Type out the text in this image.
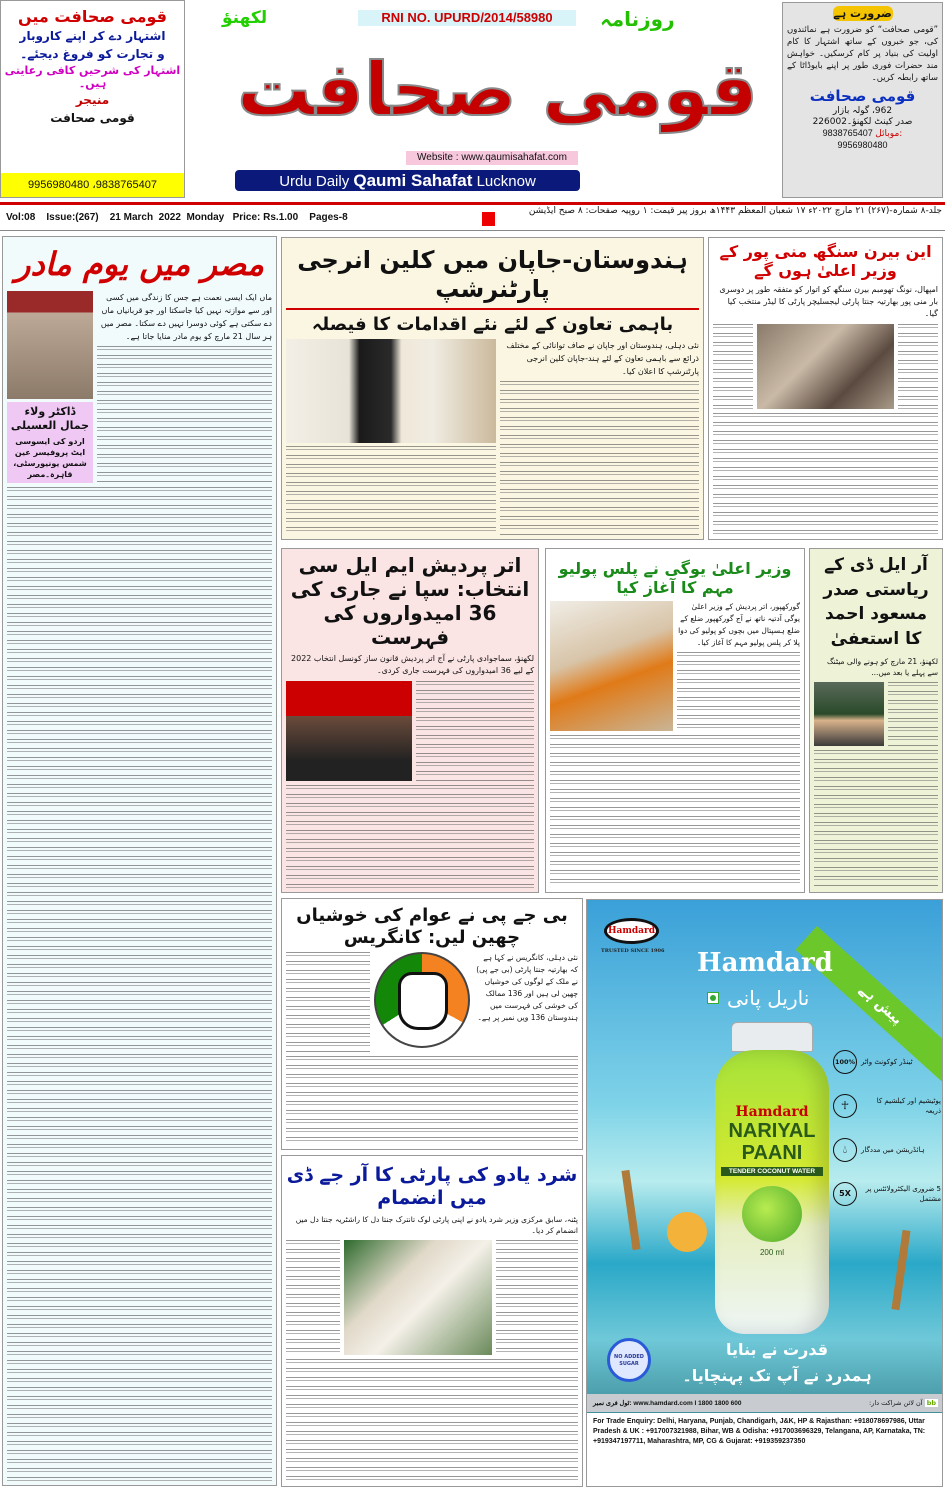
قومی صحافت میں
اشتہار دے کر اپنے کاروبار
و تجارت کو فروغ دیجئے۔
اشتہار کی شرحیں کافی رعایتی ہیں۔
منیجر
قومی صحافت
9956980480 ،9838765407
RNI NO. UPURD/2014/58980	روزنامہ
لکھنؤ
قومی صحافت
Website : www.qaumisahafat.com
Urdu Daily Qaumi Sahafat Lucknow
ضرورت ہے
”قومی صحافت“ کو ضرورت ہے نمائندوں کی، جو خبروں کے ساتھ اشتہار کا کام اولیت کی بنیاد پر کام کرسکیں۔ خواہش مند حضرات فوری طور پر اپنے بایوڈاٹا کے ساتھ رابطہ کریں۔
قومی صحافت
962، گولہ بازار
صدر کینٹ لکھنؤ۔226002
9838765407 موبائل:
9956980480
Vol:08    Issue:(267)    21 March  2022  Monday   Price: Rs.1.00    Pages-8
جلد-۸ شمارہ-(۲۶۷) ۲۱ مارچ ۲۰۲۲ء ۱۷ شعبان المعظم ۱۴۴۳ھ بروز پیر قیمت: ۱ روپیہ صفحات: ۸ صبح ایڈیشن
مصر میں یوم مادر
ماں ایک ایسی نعمت ہے جس کا زندگی میں کسی اور سے موازنہ نہیں کیا جاسکتا اور جو قربانیاں ماں دے سکتی ہے کوئی دوسرا نہیں دے سکتا۔ مصر میں ہر سال 21 مارچ کو یوم مادر منایا جاتا ہے۔
ڈاکٹر ولاء جمال العسیلی
اردو کی ایسوسی ایٹ پروفیسر عین شمس یونیورسٹی، قاہرہ۔مصر
ہندوستان-جاپان میں کلین انرجی پارٹنرشپ
باہمی تعاون کے لئے نئے اقدامات کا فیصلہ
نئی دہلی، ہندوستان اور جاپان نے صاف توانائی کے مختلف ذرائع سے باہمی تعاون کے لئے ہند-جاپان کلین انرجی پارٹنرشپ کا اعلان کیا۔
این بیرن سنگھ منی پور کے وزیر اعلیٰ ہوں گے
امپھال، نونگ تھومبم بیرن سنگھ کو اتوار کو متفقہ طور پر دوسری بار منی پور بھارتیہ جنتا پارٹی لیجسلیچر پارٹی کا لیڈر منتخب کیا گیا۔
اتر پردیش ایم ایل سی انتخاب: سپا نے جاری کی 36 امیدواروں کی فہرست
لکھنؤ، سماجوادی پارٹی نے آج اتر پردیش قانون ساز کونسل انتخاب 2022 کے لیے 36 امیدواروں کی فہرست جاری کردی۔
وزیر اعلیٰ یوگی نے پلس پولیو مہم کا آغاز کیا
گورکھپور، اتر پردیش کے وزیر اعلیٰ یوگی آدتیہ ناتھ نے آج گورکھپور ضلع کے ضلع ہسپتال میں بچوں کو پولیو کی دوا پلا کر پلس پولیو مہم کا آغاز کیا۔
آر ایل ڈی کے ریاستی صدر مسعود احمد کا استعفیٰ
لکھنؤ، 21 مارچ کو ہونے والی میٹنگ سے پہلے یا بعد میں...
بی جے پی نے عوام کی خوشیاں چھین لیں: کانگریس
نئی دہلی، کانگریس نے کہا ہے کہ بھارتیہ جنتا پارٹی (بی جے پی) نے ملک کے لوگوں کی خوشیاں چھین لی ہیں اور 136 ممالک کی خوشی کی فہرست میں ہندوستان 136 ویں نمبر پر ہے۔
شرد یادو کی پارٹی کا آر جے ڈی میں انضمام
پٹنہ، سابق مرکزی وزیر شرد یادو نے اپنی پارٹی لوک تانترک جنتا دل کا راشٹریہ جنتا دل میں انضمام کر دیا۔
Hamdard
TRUSTED SINCE 1906
پیش ہے
Hamdard
ناریل پانی
Hamdard
NARIYAL
PAANI
TENDER COCONUT WATER
200 ml
100% ٹینڈر کوکونٹ واٹر
☥	پوٹیشیم اور کیلشیم کا ذریعہ
💧︎	ہائڈریشن میں مددگار
5X	5 ضروری الیکٹرولائٹس پر مشتمل
NO ADDED SUGAR
قدرت نے بنایا
ہمدرد نے آپ تک پہنچایا۔
www.hamdard.com I 1800 1800 600 :ٹول فری نمبر	bb آن لائن شراکت دار:
For Trade Enquiry: Delhi, Haryana, Punjab, Chandigarh, J&K, HP & Rajasthan: +918078697986, Uttar Pradesh & UK : +917007321988, Bihar, WB & Odisha: +917003696329, Telangana, AP, Karnataka, TN: +919347197711, Maharashtra, MP, CG & Gujarat: +919359237350
